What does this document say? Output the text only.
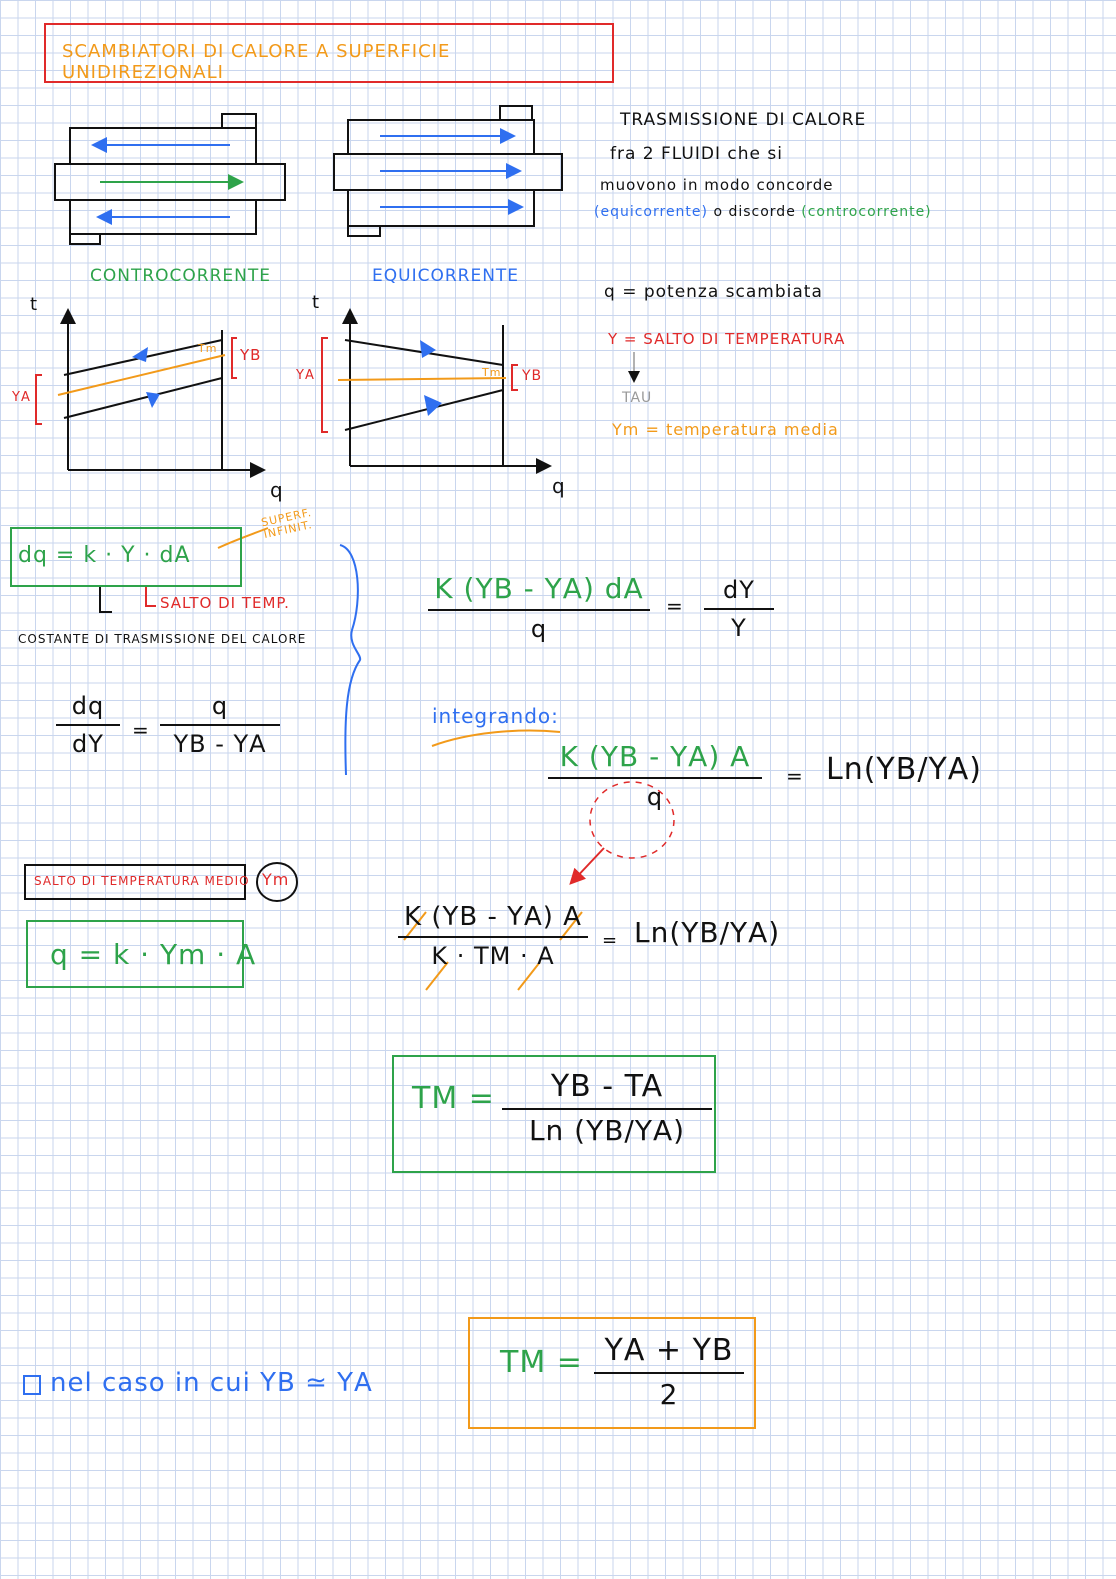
SCAMBIATORI DI CALORE A SUPERFICIE UNIDIREZIONALI
TRASMISSIONE DI CALORE
fra 2 FLUIDI che si
muovono in modo concorde
(equicorrente) o discorde (controcorrente)
CONTROCORRENTE	EQUICORRENTE
t
q
Tm ΥB
ΥA
t
q
Tm ΥB
ΥA
q = potenza scambiata
Υ = SALTO DI TEMPERATURA
TAU
Υm = temperatura media
dq = k · Υ · dA
SUPERF. INFINIT.
SALTO DI TEMP.
COSTANTE DI TRASMISSIONE DEL CALORE
dq
dΥ	=
q
ΥB - ΥA
K (ΥB - ΥA) dA
q
=
dΥ
Υ
integrando:
K (ΥB - ΥA) A
q
= Ln(ΥB/ΥA)
SALTO DI TEMPERATURA MEDIO Υm
q = k · Υm · A
K (ΥB - ΥA) A
K · TM · A
= Ln(ΥB/ΥA)
TM =	ΥB - TA
Ln (ΥB/ΥA)
nel caso in cui ΥB ≃ ΥA
TM = ΥA + ΥB
2
